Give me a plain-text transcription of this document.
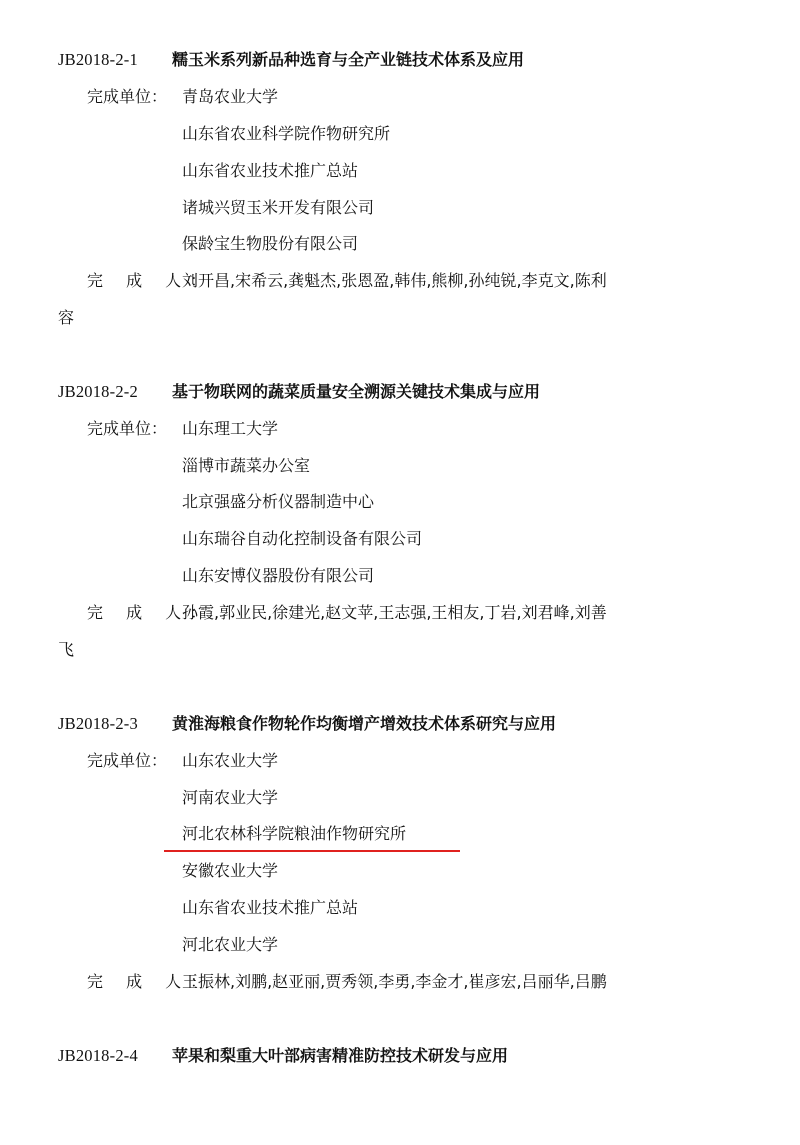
JB2018-2-1 糯玉米系列新品种选育与全产业链技术体系及应用
完成单位： 青岛农业大学
山东省农业科学院作物研究所
山东省农业技术推广总站
诸城兴贸玉米开发有限公司
保龄宝生物股份有限公司
完 成 人：
刘开昌,宋希云,龚魁杰,张恩盈,韩伟,熊柳,孙纯锐,李克文,陈利
容
JB2018-2-2 基于物联网的蔬菜质量安全溯源关键技术集成与应用
完成单位： 山东理工大学
淄博市蔬菜办公室
北京强盛分析仪器制造中心
山东瑞谷自动化控制设备有限公司
山东安博仪器股份有限公司
完 成 人：
孙霞,郭业民,徐建光,赵文苹,王志强,王相友,丁岩,刘君峰,刘善
飞
JB2018-2-3 黄淮海粮食作物轮作均衡增产增效技术体系研究与应用
完成单位： 山东农业大学
河南农业大学
河北农林科学院粮油作物研究所
安徽农业大学
山东省农业技术推广总站
河北农业大学
完 成 人：
王振林,刘鹏,赵亚丽,贾秀领,李勇,李金才,崔彦宏,吕丽华,吕鹏
JB2018-2-4 苹果和梨重大叶部病害精准防控技术研发与应用
